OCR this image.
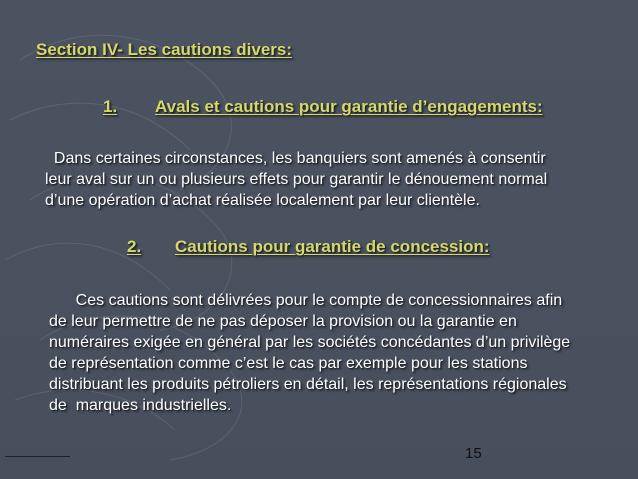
Section IV- Les cautions divers:
1. Avals et cautions pour garantie d’engagements:
Dans certaines circonstances, les banquiers sont amenés à consentir
leur aval sur un ou plusieurs effets pour garantir le dénouement normal
d’une opération d’achat réalisée localement par leur clientèle.
2. Cautions pour garantie de concession:
Ces cautions sont délivrées pour le compte de concessionnaires afin
de leur permettre de ne pas déposer la provision ou la garantie en
numéraires exigée en général par les sociétés concédantes d’un privilège
de représentation comme c’est le cas par exemple pour les stations
distribuant les produits pétroliers en détail, les représentations régionales
de  marques industrielles.
15
